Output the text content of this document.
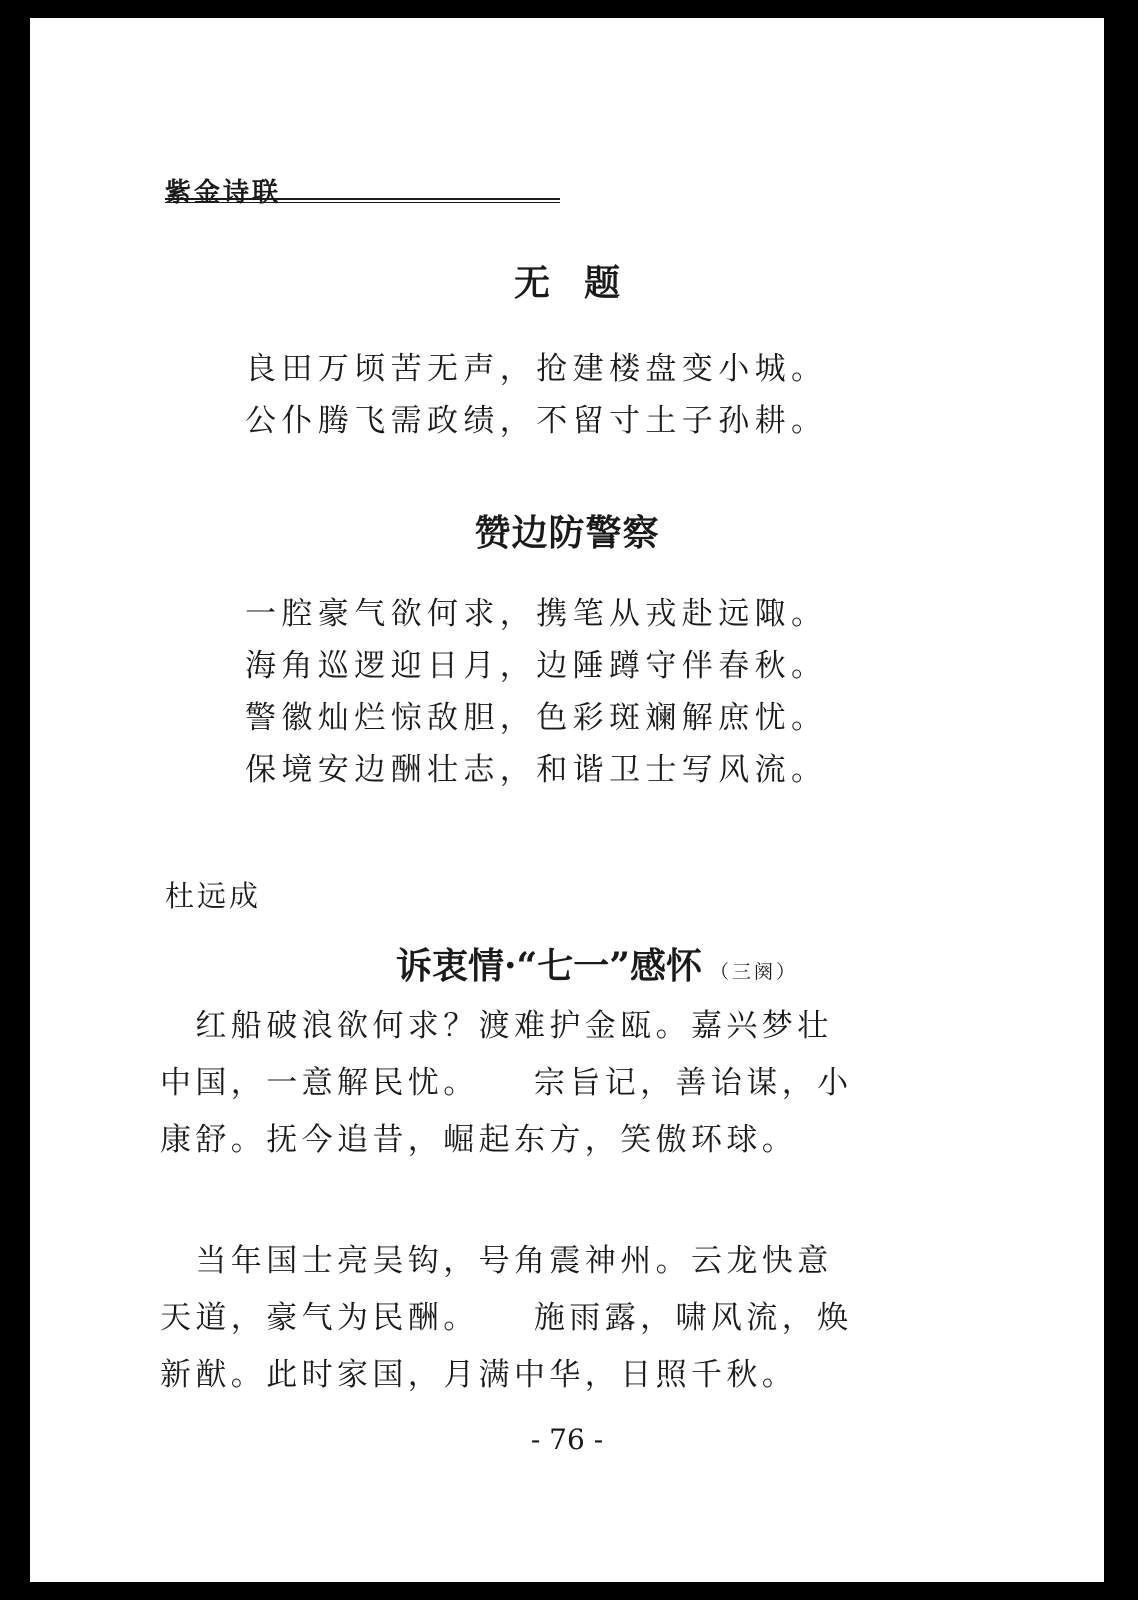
紫金诗联
无题
良田万顷苦无声，抢建楼盘变小城。
公仆腾飞需政绩，不留寸土子孙耕。
赞边防警察
一腔豪气欲何求，携笔从戎赴远陬。
海角巡逻迎日月，边陲蹲守伴春秋。
警徽灿烂惊敌胆，色彩斑斓解庶忧。
保境安边酬壮志，和谐卫士写风流。
杜远成
诉衷情·“七一”感怀 （三阕）
　红船破浪欲何求？渡难护金瓯。嘉兴梦壮
中国，一意解民忧。　　宗旨记，善诒谋，小
康舒。抚今追昔，崛起东方，笑傲环球。
　当年国士亮吴钩，号角震神州。云龙快意
天道，豪气为民酬。　　施雨露，啸风流，焕
新猷。此时家国，月满中华，日照千秋。
- 76 -
